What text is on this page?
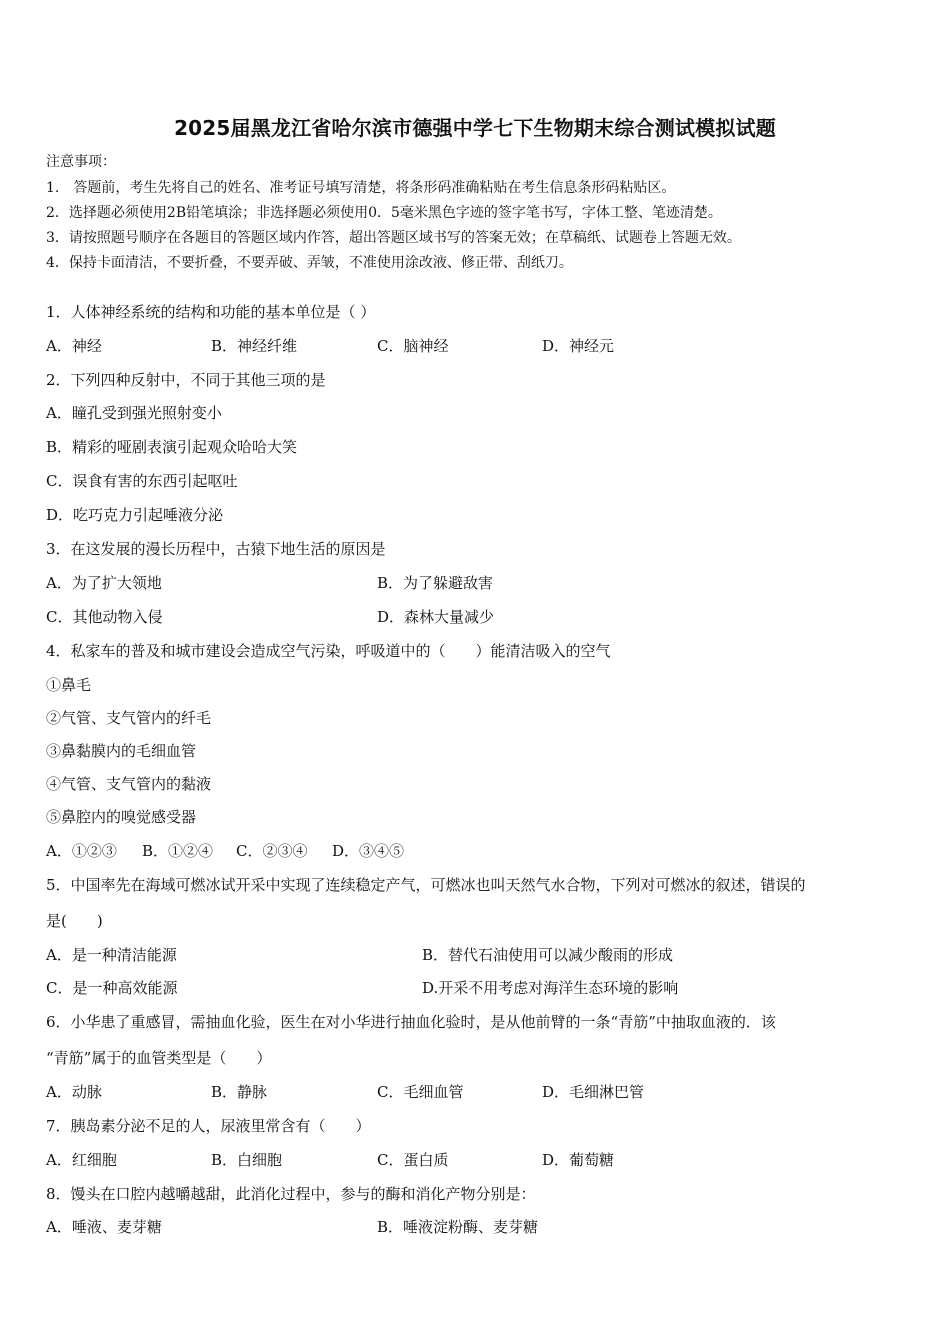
2025届黑龙江省哈尔滨市德强中学七下生物期末综合测试模拟试题
注意事项：
1.　答题前，考生先将自己的姓名、准考证号填写清楚，将条形码准确粘贴在考生信息条形码粘贴区。
2．选择题必须使用2B铅笔填涂；非选择题必须使用0．5毫米黑色字迹的签字笔书写，字体工整、笔迹清楚。
3．请按照题号顺序在各题目的答题区域内作答，超出答题区域书写的答案无效；在草稿纸、试题卷上答题无效。
4．保持卡面清洁，不要折叠，不要弄破、弄皱，不准使用涂改液、修正带、刮纸刀。
1．人体神经系统的结构和功能的基本单位是（ ）
A．神经	B．神经纤维	C．脑神经	D．神经元
2．下列四种反射中，不同于其他三项的是
A．瞳孔受到强光照射变小
B．精彩的哑剧表演引起观众哈哈大笑
C．误食有害的东西引起呕吐
D．吃巧克力引起唾液分泌
3．在这发展的漫长历程中，古猿下地生活的原因是
A．为了扩大领地	B．为了躲避敌害
C．其他动物入侵	D．森林大量减少
4．私家车的普及和城市建设会造成空气污染，呼吸道中的（　　）能清洁吸入的空气
①鼻毛
②气管、支气管内的纤毛
③鼻黏膜内的毛细血管
④气管、支气管内的黏液
⑤鼻腔内的嗅觉感受器
A．①②③ B．①②④ C．②③④ D．③④⑤
5．中国率先在海域可燃冰试开采中实现了连续稳定产气，可燃冰也叫天然气水合物，下列对可燃冰的叙述，错误的
是(　　)
A．是一种清洁能源	B．替代石油使用可以减少酸雨的形成
C．是一种高效能源	D.开采不用考虑对海洋生态环境的影响
6．小华患了重感冒，需抽血化验，医生在对小华进行抽血化验时，是从他前臂的一条“青筋”中抽取血液的．该
“青筋”属于的血管类型是（　　）
A．动脉	B．静脉	C．毛细血管	D．毛细淋巴管
7．胰岛素分泌不足的人，尿液里常含有（　　）
A．红细胞	B．白细胞	C．蛋白质	D．葡萄糖
8．馒头在口腔内越嚼越甜，此消化过程中，参与的酶和消化产物分别是：
A．唾液、麦芽糖	B．唾液淀粉酶、麦芽糖
